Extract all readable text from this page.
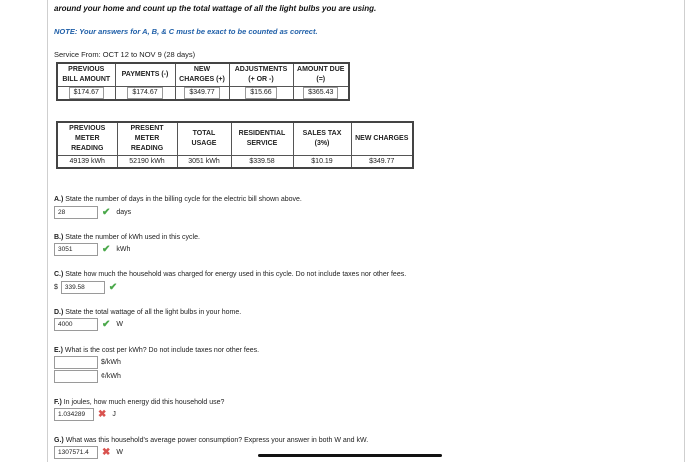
around your home and count up the total wattage of all the light bulbs you are using.
NOTE: Your answers for A, B, & C must be exact to be counted as correct.
Service From: OCT 12 to NOV 9 (28 days)
PREVIOUS BILL AMOUNT	PAYMENTS (-)	NEW CHARGES (+)	ADJUSTMENTS (+ OR -)	AMOUNT DUE (=)
$174.67	$174.67	$349.77	$15.66	$365.43
PREVIOUS METER READING	PRESENT METER READING	TOTAL USAGE	RESIDENTIAL SERVICE	SALES TAX (3%)	NEW CHARGES
49139 kWh	52190 kWh	3051 kWh	$339.58	$10.19	$349.77
A.) State the number of days in the billing cycle for the electric bill shown above.
28	✔ days
B.) State the number of kWh used in this cycle.
3051	✔ kWh
C.) State how much the household was charged for energy used in this cycle. Do not include taxes nor other fees.
$	339.58	✔
D.) State the total wattage of all the light bulbs in your home.
4000	✔ W
E.) What is the cost per kWh? Do not include taxes nor other fees.
$/kWh
¢/kWh
F.) In joules, how much energy did this household use?
1.034289	✖ J
G.) What was this household's average power consumption? Express your answer in both W and kW.
1307571.4	✖ W
